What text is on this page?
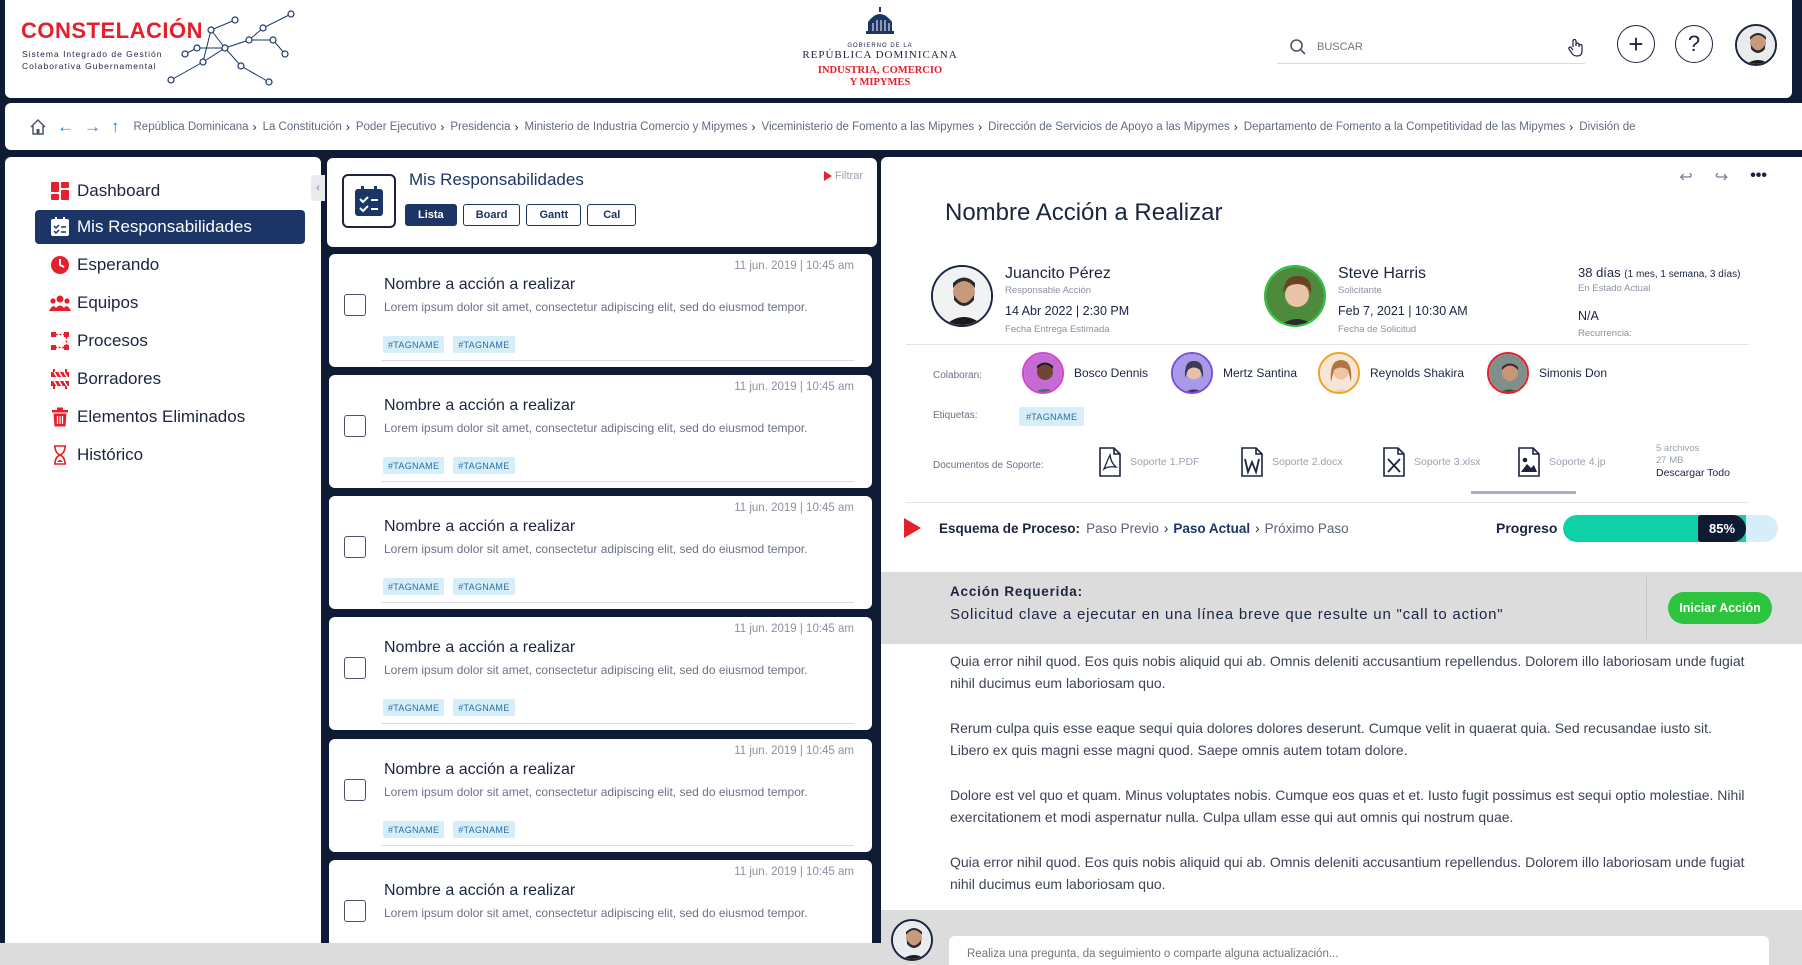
CONSTELACIÓN
Sistema Integrado de Gestión
Colaborativa Gubernamental
GOBIERNO DE LA
REPÚBLICA DOMINICANA
INDUSTRIA, COMERCIO
Y MIPYMES
BUSCAR
+	?
← → ↑ República Dominicana › La Constitución › Poder Ejecutivo › Presidencia › Ministerio de Industria Comercio y Mipymes › Viceministerio de Fomento a las Mipymes › Dirección de Servicios de Apoyo a las Mipymes › Departamento de Fomento a la Competitividad de las Mipymes › División de
‹
Dashboard
Mis Responsabilidades
Esperando
Equipos
Procesos
Borradores
Elementos Eliminados
Histórico
Mis Responsabilidades
Lista	Board	Gantt	Cal
Filtrar
11 jun. 2019 | 10:45 am
Nombre a acción a realizar
Lorem ipsum dolor sit amet, consectetur adipiscing elit, sed do eiusmod tempor.
#TAGNAME	#TAGNAME
11 jun. 2019 | 10:45 am
Nombre a acción a realizar
Lorem ipsum dolor sit amet, consectetur adipiscing elit, sed do eiusmod tempor.
#TAGNAME	#TAGNAME
11 jun. 2019 | 10:45 am
Nombre a acción a realizar
Lorem ipsum dolor sit amet, consectetur adipiscing elit, sed do eiusmod tempor.
#TAGNAME	#TAGNAME
11 jun. 2019 | 10:45 am
Nombre a acción a realizar
Lorem ipsum dolor sit amet, consectetur adipiscing elit, sed do eiusmod tempor.
#TAGNAME	#TAGNAME
11 jun. 2019 | 10:45 am
Nombre a acción a realizar
Lorem ipsum dolor sit amet, consectetur adipiscing elit, sed do eiusmod tempor.
#TAGNAME	#TAGNAME
11 jun. 2019 | 10:45 am
Nombre a acción a realizar
Lorem ipsum dolor sit amet, consectetur adipiscing elit, sed do eiusmod tempor.
↩ ↪ •••
Nombre Acción a Realizar
Juancito Pérez
Responsable Acción
14 Abr 2022 | 2:30 PM
Fecha Entrega Estimada
Steve Harris
Solicitante
Feb 7, 2021 | 10:30 AM
Fecha de Solicitud
38 días (1 mes, 1 semana, 3 días)
En Estado Actual
N/A
Recurrencia:
Colaboran:	Bosco Dennis	Mertz Santina	Reynolds Shakira	Simonis Don
Etiquetas:	#TAGNAME
Documentos de Soporte:	Soporte 1.PDF	Soporte 2.docx	Soporte 3.xlsx	Soporte 4.jp
5 archivos
27 MB
Descargar Todo
Esquema de Proceso: Paso Previo › Paso Actual › Próximo Paso	Progreso	85%
Acción Requerida:
Solicitud clave a ejecutar en una línea breve que resulte un "call to action"	Iniciar Acción

Quia error nihil quod. Eos quis nobis aliquid qui ab. Omnis deleniti accusantium repellendus. Dolorem illo laboriosam unde fugiat nihil ducimus eum laboriosam quo.

Rerum culpa quis esse eaque sequi quia dolores dolores deserunt. Cumque velit in quaerat quia. Sed recusandae iusto sit. Libero ex quis magni esse magni quod. Saepe omnis autem totam dolore.

Dolore est vel quo et quam. Minus voluptates nobis. Cumque eos quas et et. Iusto fugit possimus est sequi optio molestiae. Nihil exercitationem et modi aspernatur nulla. Culpa ullam esse qui aut omnis qui nostrum quae.

Quia error nihil quod. Eos quis nobis aliquid qui ab. Omnis deleniti accusantium repellendus. Dolorem illo laboriosam unde fugiat nihil ducimus eum laboriosam quo.

Realiza una pregunta, da seguimiento o comparte alguna actualización...
